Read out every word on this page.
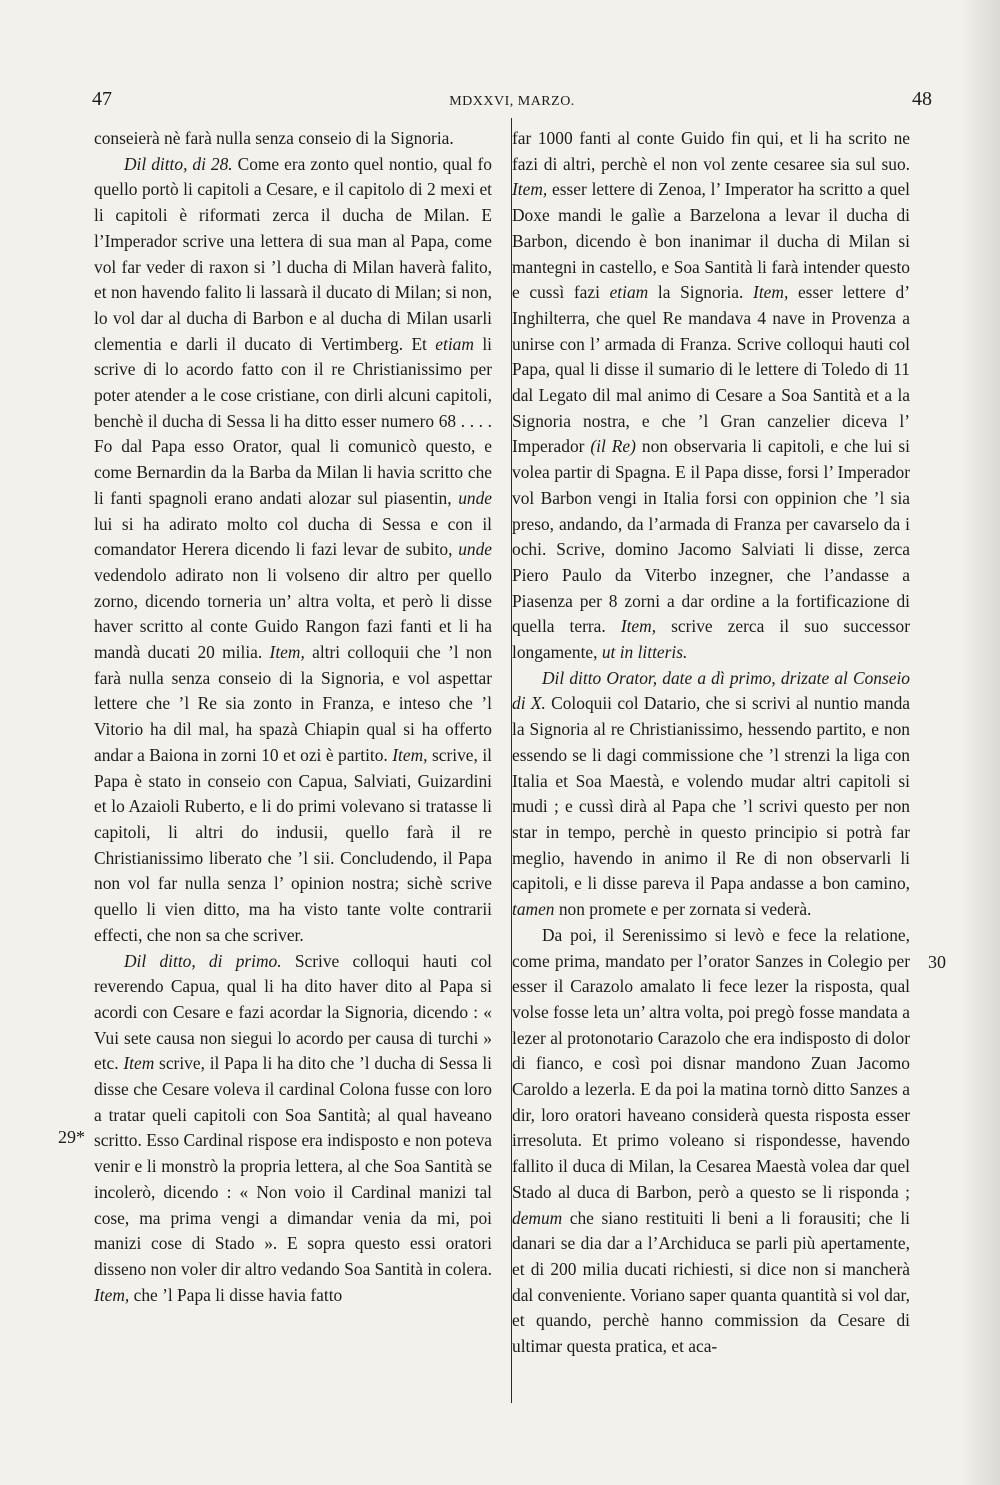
47	MDXXVI, MARZO.	48

conseierà nè farà nulla senza conseio di la Signoria.

Dil ditto, di 28. Come era zonto quel nontio, qual fo quello portò li capitoli a Cesare, e il capitolo di 2 mexi et li capitoli è riformati zerca il ducha de Milan. E l’Imperador scrive una lettera di sua man al Papa, come vol far veder di raxon si ’l ducha di Milan haverà falito, et non havendo falito li lassarà il ducato di Milan; si non, lo vol dar al ducha di Barbon e al ducha di Milan usarli clementia e darli il ducato di Vertimberg. Et etiam li scrive di lo acordo fatto con il re Christianissimo per poter atender a le cose cristiane, con dirli alcuni capitoli, benchè il ducha di Sessa li ha ditto esser numero 68 . . . . Fo dal Papa esso Orator, qual li comunicò questo, e come Bernardin da la Barba da Milan li havia scritto che li fanti spagnoli erano andati alozar sul piasentin, unde lui si ha adirato molto col ducha di Sessa e con il comandator Herera dicendo li fazi levar de subito, unde vedendolo adirato non li volseno dir altro per quello zorno, dicendo torneria un’ altra volta, et però li disse haver scritto al conte Guido Rangon fazi fanti et li ha mandà ducati 20 milia. Item, altri colloquii che ’l non farà nulla senza conseio di la Signoria, e vol aspettar lettere che ’l Re sia zonto in Franza, e inteso che ’l Vitorio ha dil mal, ha spazà Chiapin qual si ha offerto andar a Baiona in zorni 10 et ozi è partito. Item, scrive, il Papa è stato in conseio con Capua, Salviati, Guizardini et lo Azaioli Ruberto, e li do primi volevano si tratasse li capitoli, li altri do indusii, quello farà il re Christianissimo liberato che ’l sii. Concludendo, il Papa non vol far nulla senza l’ opinion nostra; sichè scrive quello li vien ditto, ma ha visto tante volte contrarii effecti, che non sa che scriver.

Dil ditto, di primo. Scrive colloqui hauti col reverendo Capua, qual li ha dito haver dito al Papa si acordi con Cesare e fazi acordar la Signoria, dicendo : « Vui sete causa non siegui lo acordo per causa di turchi » etc. Item scrive, il Papa li ha dito che ’l ducha di Sessa li disse che Cesare voleva il cardinal Colona fusse con loro a tratar queli capitoli con Soa Santità; al qual haveano scritto. Esso Cardinal rispose era indisposto e non poteva venir e li monstrò la propria lettera, al che Soa Santità se incolerò, dicendo : « Non voio il Cardinal manizi tal cose, ma prima vengi a dimandar venia da mi, poi manizi cose di Stado ». E sopra questo essi oratori disseno non voler dir altro vedando Soa Santità in colera. Item, che ’l Papa li disse havia fatto

far 1000 fanti al conte Guido fin qui, et li ha scrito ne fazi di altri, perchè el non vol zente cesaree sia sul suo. Item, esser lettere di Zenoa, l’ Imperator ha scritto a quel Doxe mandi le galìe a Barzelona a levar il ducha di Barbon, dicendo è bon inanimar il ducha di Milan si mantegni in castello, e Soa Santità li farà intender questo e cussì fazi etiam la Signoria. Item, esser lettere d’ Inghilterra, che quel Re mandava 4 nave in Provenza a unirse con l’ armada di Franza. Scrive colloqui hauti col Papa, qual li disse il sumario di le lettere di Toledo di 11 dal Legato dil mal animo di Cesare a Soa Santità et a la Signoria nostra, e che ’l Gran canzelier diceva l’ Imperador (il Re) non observaria li capitoli, e che lui si volea partir di Spagna. E il Papa disse, forsi l’ Imperador vol Barbon vengi in Italia forsi con oppinion che ’l sia preso, andando, da l’armada di Franza per cavarselo da i ochi. Scrive, domino Jacomo Salviati li disse, zerca Piero Paulo da Viterbo inzegner, che l’andasse a Piasenza per 8 zorni a dar ordine a la fortificazione di quella terra. Item, scrive zerca il suo successor longamente, ut in litteris.

Dil ditto Orator, date a dì primo, drizate al Conseio di X. Coloquii col Datario, che si scrivi al nuntio manda la Signoria al re Christianissimo, hessendo partito, e non essendo se li dagi commissione che ’l strenzi la liga con Italia et Soa Maestà, e volendo mudar altri capitoli si mudi ; e cussì dirà al Papa che ’l scrivi questo per non star in tempo, perchè in questo principio si potrà far meglio, havendo in animo il Re di non observarli li capitoli, e li disse pareva il Papa andasse a bon camino, tamen non promete e per zornata si vederà.

Da poi, il Serenissimo si levò e fece la relatione, come prima, mandato per l’orator Sanzes in Colegio per esser il Carazolo amalato li fece lezer la risposta, qual volse fosse leta un’ altra volta, poi pregò fosse mandata a lezer al protonotario Carazolo che era indisposto di dolor di fianco, e così poi disnar mandono Zuan Jacomo Caroldo a lezerla. E da poi la matina tornò ditto Sanzes a dir, loro oratori haveano considerà questa risposta esser irresoluta. Et primo voleano si rispondesse, havendo fallito il duca di Milan, la Cesarea Maestà volea dar quel Stado al duca di Barbon, però a questo se li risponda ; demum che siano restituiti li beni a li forausiti; che li danari se dia dar a l’Archiduca se parli più apertamente, et di 200 milia ducati richiesti, si dice non si mancherà dal conveniente. Voriano saper quanta quantità si vol dar, et quando, perchè hanno commission da Cesare di ultimar questa pratica, et aca-

29*
30
